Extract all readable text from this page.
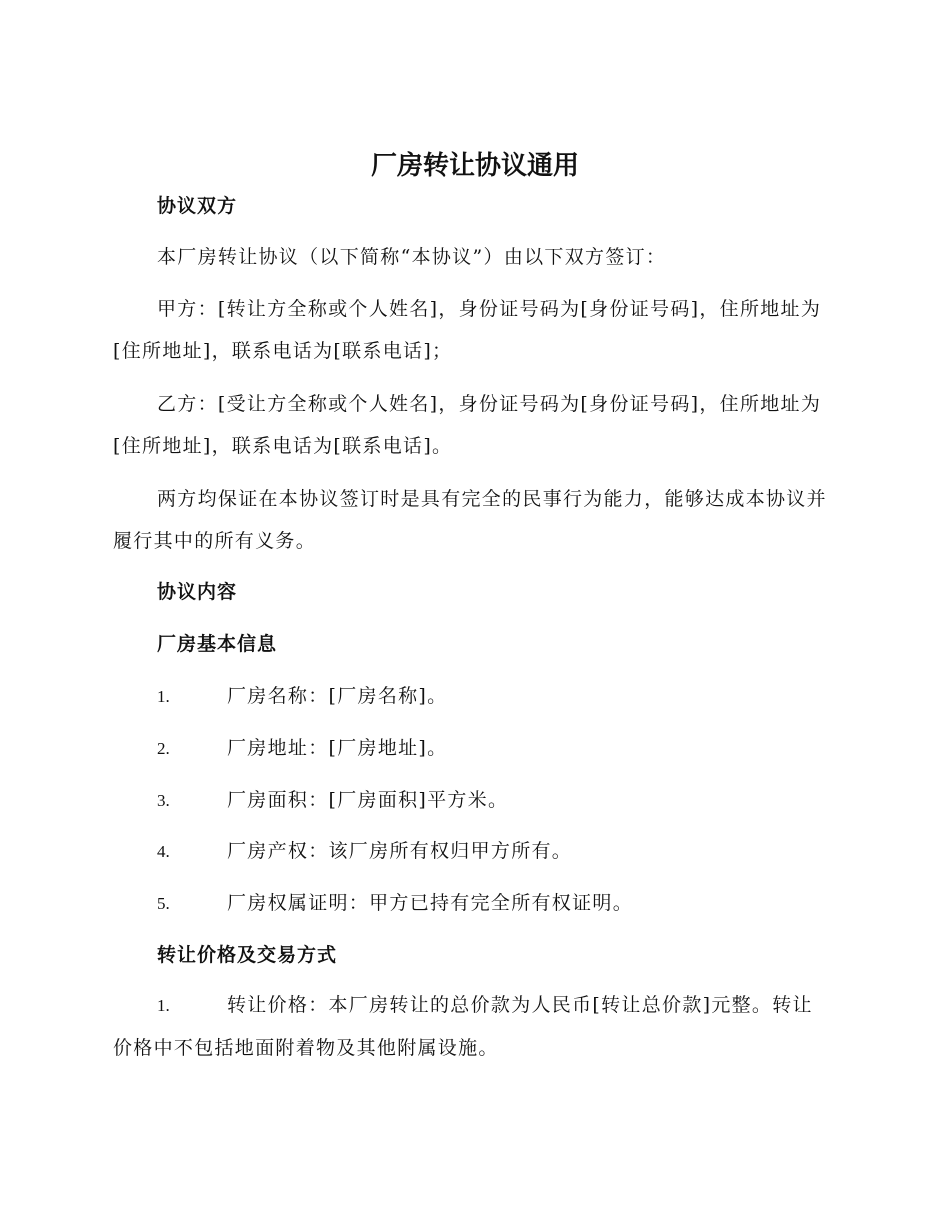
厂房转让协议通用
协议双方

本厂房转让协议（以下简称“本协议”）由以下双方签订：

甲方：[转让方全称或个人姓名]，身份证号码为[身份证号码]，住所地址为[住所地址]，联系电话为[联系电话]；

乙方：[受让方全称或个人姓名]，身份证号码为[身份证号码]，住所地址为[住所地址]，联系电话为[联系电话]。

两方均保证在本协议签订时是具有完全的民事行为能力，能够达成本协议并履行其中的所有义务。

协议内容
厂房基本信息
1.	厂房名称：[厂房名称]。
2.	厂房地址：[厂房地址]。
3.	厂房面积：[厂房面积]平方米。
4.	厂房产权：该厂房所有权归甲方所有。
5.	厂房权属证明：甲方已持有完全所有权证明。
转让价格及交易方式

1.	转让价格：本厂房转让的总价款为人民币[转让总价款]元整。转让价格中不包括地面附着物及其他附属设施。
